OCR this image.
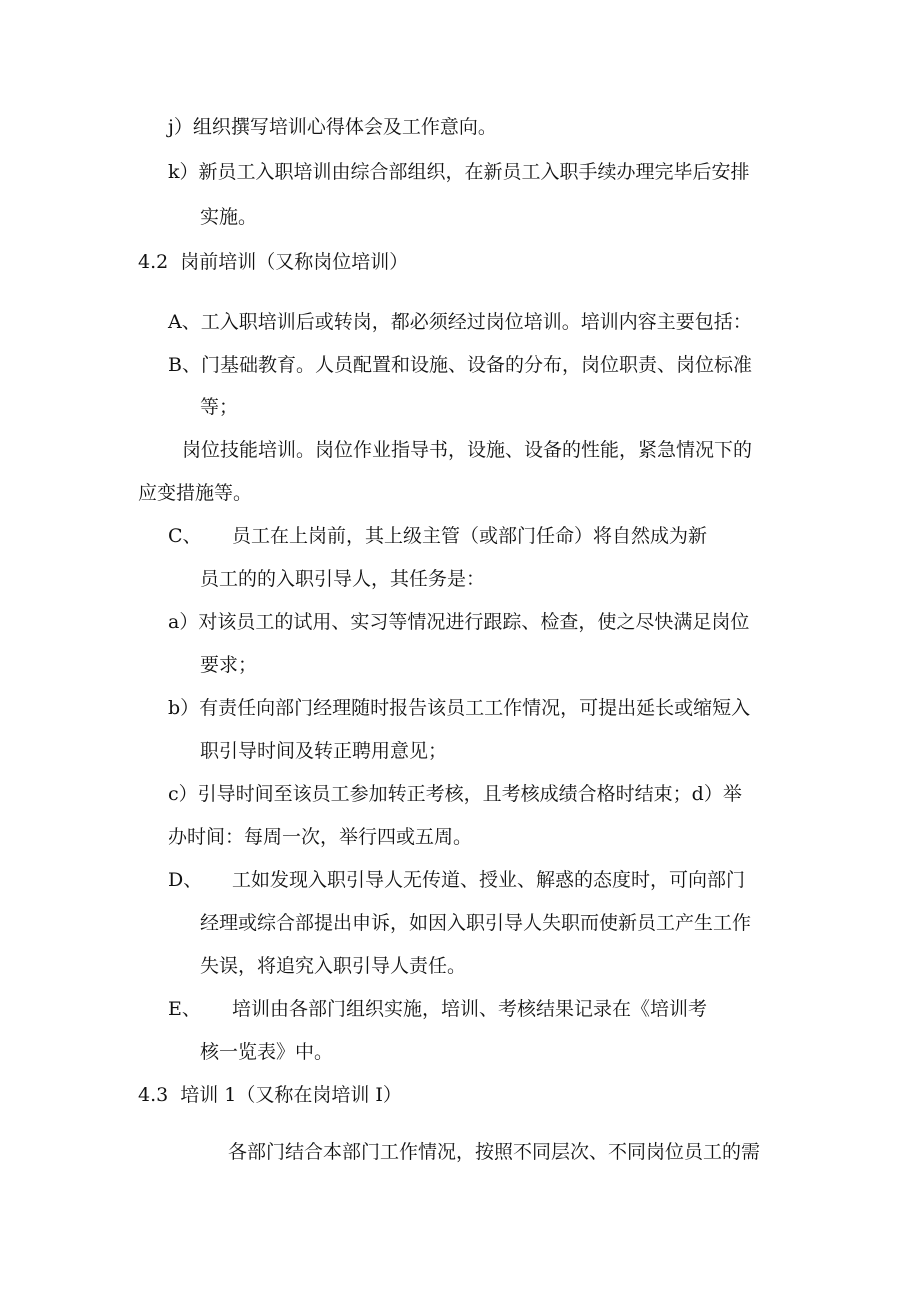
j）组织撰写培训心得体会及工作意向。

k）新员工入职培训由综合部组织，在新员工入职手续办理完毕后安排

实施。

4.2 岗前培训（又称岗位培训）

A、工入职培训后或转岗，都必须经过岗位培训。培训内容主要包括：

B、门基础教育。人员配置和设施、设备的分布，岗位职责、岗位标准

等；

岗位技能培训。岗位作业指导书，设施、设备的性能，紧急情况下的

应变措施等。

C、 员工在上岗前，其上级主管（或部门任命）将自然成为新

员工的的入职引导人，其任务是：

a）对该员工的试用、实习等情况进行跟踪、检查，使之尽快满足岗位

要求；

b）有责任向部门经理随时报告该员工工作情况，可提出延长或缩短入

职引导时间及转正聘用意见；

c）引导时间至该员工参加转正考核，且考核成绩合格时结束；d）举

办时间：每周一次，举行四或五周。

D、 工如发现入职引导人无传道、授业、解惑的态度时，可向部门

经理或综合部提出申诉，如因入职引导人失职而使新员工产生工作

失误，将追究入职引导人责任。

E、 培训由各部门组织实施，培训、考核结果记录在《培训考

核一览表》中。

4.3 培训 1（又称在岗培训 I）

各部门结合本部门工作情况，按照不同层次、不同岗位员工的需
